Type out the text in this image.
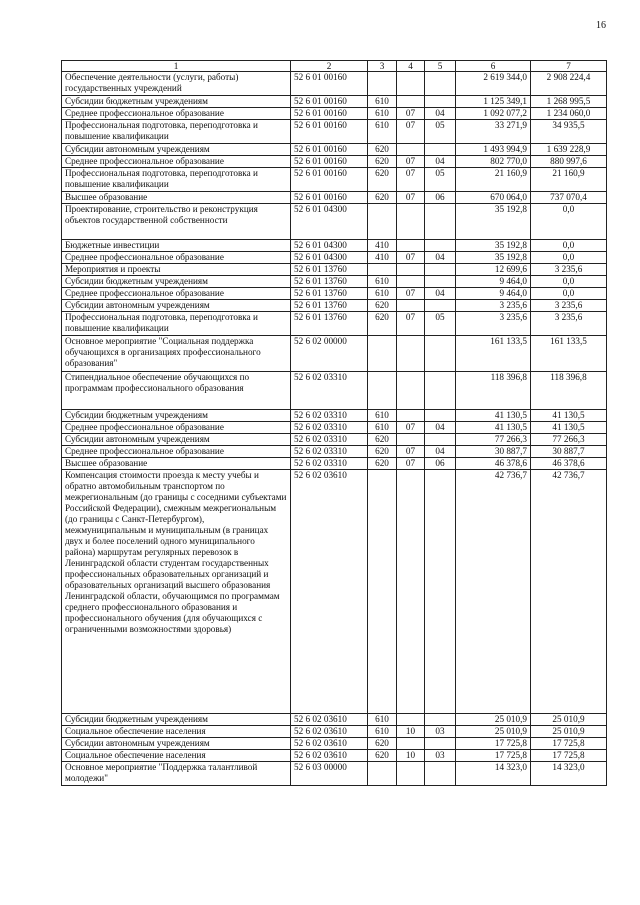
16
1	2	3	4	5	6	7
Обеспечение деятельности (услуги, работы) государственных учреждений	52 6 01 00160				2 619 344,0	2 908 224,4
Субсидии бюджетным учреждениям	52 6 01 00160	610			1 125 349,1	1 268 995,5
Среднее профессиональное образование	52 6 01 00160	610	07	04	1 092 077,2	1 234 060,0
Профессиональная подготовка, переподготовка и повышение квалификации	52 6 01 00160	610	07	05	33 271,9	34 935,5
Субсидии автономным учреждениям	52 6 01 00160	620			1 493 994,9	1 639 228,9
Среднее профессиональное образование	52 6 01 00160	620	07	04	802 770,0	880 997,6
Профессиональная подготовка, переподготовка и повышение квалификации	52 6 01 00160	620	07	05	21 160,9	21 160,9
Высшее образование	52 6 01 00160	620	07	06	670 064,0	737 070,4
Проектирование, строительство и реконструкция объектов государственной собственности	52 6 01 04300				35 192,8	0,0
Бюджетные инвестиции	52 6 01 04300	410			35 192,8	0,0
Среднее профессиональное образование	52 6 01 04300	410	07	04	35 192,8	0,0
Мероприятия и проекты	52 6 01 13760				12 699,6	3 235,6
Субсидии бюджетным учреждениям	52 6 01 13760	610			9 464,0	0,0
Среднее профессиональное образование	52 6 01 13760	610	07	04	9 464,0	0,0
Субсидии автономным учреждениям	52 6 01 13760	620			3 235,6	3 235,6
Профессиональная подготовка, переподготовка и повышение квалификации	52 6 01 13760	620	07	05	3 235,6	3 235,6
Основное мероприятие "Социальная поддержка обучающихся в организациях профессионального образования"	52 6 02 00000				161 133,5	161 133,5
Стипендиальное обеспечение обучающихся по программам профессионального образования	52 6 02 03310				118 396,8	118 396,8
Субсидии бюджетным учреждениям	52 6 02 03310	610			41 130,5	41 130,5
Среднее профессиональное образование	52 6 02 03310	610	07	04	41 130,5	41 130,5
Субсидии автономным учреждениям	52 6 02 03310	620			77 266,3	77 266,3
Среднее профессиональное образование	52 6 02 03310	620	07	04	30 887,7	30 887,7
Высшее образование	52 6 02 03310	620	07	06	46 378,6	46 378,6
Компенсация стоимости проезда к месту учебы и обратно автомобильным транспортом по межрегиональным (до границы с соседними субъектами Российской Федерации), смежным межрегиональным (до границы с Санкт-Петербургом), межмуниципальным и муниципальным (в границах двух и более поселений одного муниципального района) маршрутам регулярных перевозок в Ленинградской области студентам государственных профессиональных образовательных организаций и образовательных организаций высшего образования Ленинградской области, обучающимся по программам среднего профессионального образования и профессионального обучения (для обучающихся с ограниченными возможностями здоровья)	52 6 02 03610				42 736,7	42 736,7
Субсидии бюджетным учреждениям	52 6 02 03610	610			25 010,9	25 010,9
Социальное обеспечение населения	52 6 02 03610	610	10	03	25 010,9	25 010,9
Субсидии автономным учреждениям	52 6 02 03610	620			17 725,8	17 725,8
Социальное обеспечение населения	52 6 02 03610	620	10	03	17 725,8	17 725,8
Основное мероприятие "Поддержка талантливой молодежи"	52 6 03 00000				14 323,0	14 323,0
